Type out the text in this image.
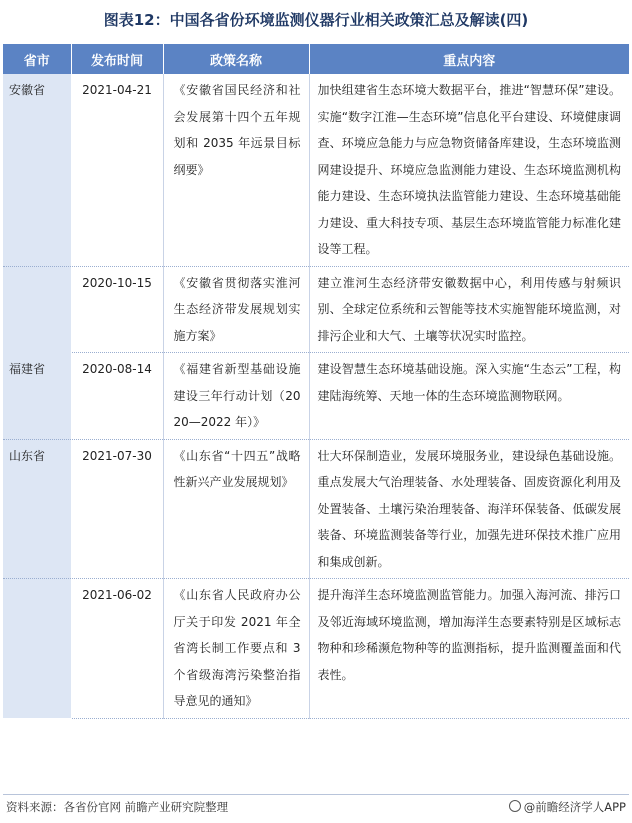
图表12：中国各省份环境监测仪器行业相关政策汇总及解读(四)
省市	发布时间	政策名称	重点内容
安徽省	2021-04-21	《安徽省国民经济和社会发展第十四个五年规划和 2035 年远景目标纲要》	加快组建省生态环境大数据平台，推进“智慧环保”建设。实施“数字江淮—生态环境”信息化平台建设、环境健康调查、环境应急能力与应急物资储备库建设，生态环境监测网建设提升、环境应急监测能力建设、生态环境监测机构能力建设、生态环境执法监管能力建设、生态环境基础能力建设、重大科技专项、基层生态环境监管能力标准化建设等工程。
	2020-10-15	《安徽省贯彻落实淮河生态经济带发展规划实施方案》	建立淮河生态经济带安徽数据中心，利用传感与射频识别、全球定位系统和云智能等技术实施智能环境监测，对排污企业和大气、土壤等状况实时监控。
福建省	2020-08-14	《福建省新型基础设施建设三年行动计划（2020—2022 年）》	建设智慧生态环境基础设施。深入实施“生态云”工程，构建陆海统筹、天地一体的生态环境监测物联网。
山东省	2021-07-30	《山东省“十四五”战略性新兴产业发展规划》	壮大环保制造业，发展环境服务业，建设绿色基础设施。重点发展大气治理装备、水处理装备、固废资源化利用及处置装备、土壤污染治理装备、海洋环保装备、低碳发展装备、环境监测装备等行业，加强先进环保技术推广应用和集成创新。
	2021-06-02	《山东省人民政府办公厅关于印发 2021 年全省湾长制工作要点和 3 个省级海湾污染整治指导意见的通知》	提升海洋生态环境监测监管能力。加强入海河流、排污口及邻近海域环境监测，增加海洋生态要素特别是区域标志物种和珍稀濒危物种等的监测指标，提升监测覆盖面和代表性。
资料来源：各省份官网 前瞻产业研究院整理	@前瞻经济学人APP
